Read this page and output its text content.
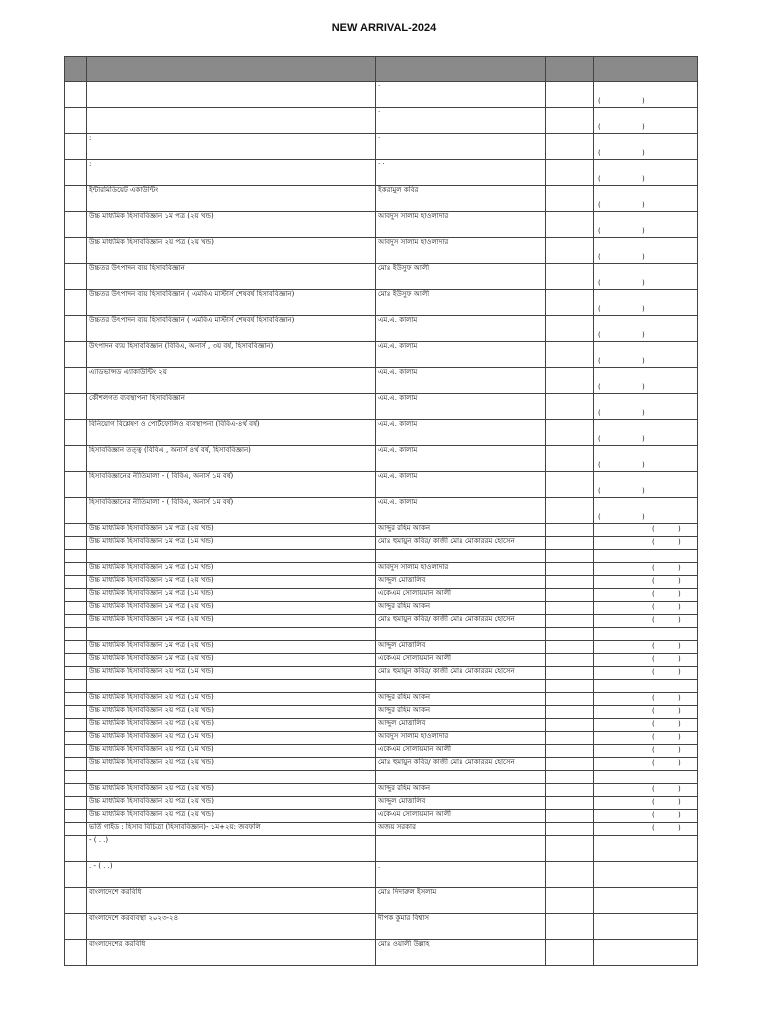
NEW ARRIVAL-2024

		·		( )

		·		( )

	:	·		( )

	:	· ·		( )

	ইন্টারমিডিয়েট একাউন্টিং	ইকরামুল কবির		( )

	উচ্চ মাধ্যমিক হিসাববিজ্ঞান ১ম পত্র (২য় খন্ড)	আবদুস সালাম হাওলাদার		( )

	উচ্চ মাধ্যমিক হিসাববিজ্ঞান ২য় পত্র (২য় খন্ড)	আবদুস সালাম হাওলাদার		( )

	উচ্চতর উৎপাদন ব্যয় হিসাববিজ্ঞান	মোঃ ইউসুফ আলী		( )

	উচ্চতর উৎপাদন ব্যয় হিসাববিজ্ঞান ( এমবিএ মাস্টার্স শেষবর্ষ হিসাববিজ্ঞান)	মোঃ ইউসুফ আলী		( )

	উচ্চতর উৎপাদন ব্যয় হিসাববিজ্ঞান ( এমবিএ মাস্টার্স শেষবর্ষ হিসাববিজ্ঞান)	এম.এ. কালাম		( )

	উৎপাদন ব্যয় হিসাববিজ্ঞান (বিবিএ, অনার্স , ৩য় বর্ষ, হিসাববিজ্ঞান)	এম.এ. কালাম		( )

	এ্যাডভান্সড এ্যাকাউন্টিং ২য়	এম.এ. কালাম		( )

	কৌশলগত ব্যবস্থাপনা হিসাববিজ্ঞান	এম.এ. কালাম		( )

	বিনিয়োগ বিশ্লেষণ ও পোর্টফোলিও ব্যবস্থাপনা (বিবিএ-৪র্থ বর্ষ)	এম.এ. কালাম		( )

	হিসাববিজ্ঞান তত্ত্ব (বিবিএ , অনার্স ৪র্থ বর্ষ, হিসাববিজ্ঞান)	এম.এ. কালাম		( )

	হিসাববিজ্ঞানের নীতিমালা - ( বিবিএ, অনার্স ১ম বর্ষ)	এম.এ. কালাম		( )

	হিসাববিজ্ঞানের নীতিমালা - ( বিবিএ, অনার্স ১ম বর্ষ)	এম.এ. কালাম		( )

	উচ্চ মাধ্যমিক হিসাববিজ্ঞান ১ম পত্র (২য় খন্ড)	আব্দুর রহিম আকন		( )

	উচ্চ মাধ্যমিক হিসাববিজ্ঞান ১ম পত্র (১ম খন্ড)	মোঃ হুমায়ুন কবির/ কাজী মোঃ মোকাররম হোসেন		( )

	উচ্চ মাধ্যমিক হিসাববিজ্ঞান ১ম পত্র (১ম খন্ড)	আবদুস সালাম হাওলাদার		( )

	উচ্চ মাধ্যমিক হিসাববিজ্ঞান ১ম পত্র (২য় খন্ড)	আব্দুল মোত্তালিব		( )

	উচ্চ মাধ্যমিক হিসাববিজ্ঞান ১ম পত্র (১ম খন্ড)	একেএম সোলায়মান আলী		( )

	উচ্চ মাধ্যমিক হিসাববিজ্ঞান ১ম পত্র (২য় খন্ড)	আব্দুর রহিম আকন		( )

	উচ্চ মাধ্যমিক হিসাববিজ্ঞান ১ম পত্র (২য় খন্ড)	মোঃ হুমায়ুন কবির/ কাজী মোঃ মোকাররম হোসেন		( )

	উচ্চ মাধ্যমিক হিসাববিজ্ঞান ১ম পত্র (২য় খন্ড)	আব্দুল মোত্তালিব		( )

	উচ্চ মাধ্যমিক হিসাববিজ্ঞান ১ম পত্র (২য় খন্ড)	একেএম সোলায়মান আলী		( )

	উচ্চ মাধ্যমিক হিসাববিজ্ঞান ২য় পত্র (১ম খন্ড)	মোঃ হুমায়ুন কবির/ কাজী মোঃ মোকাররম হোসেন		( )

	উচ্চ মাধ্যমিক হিসাববিজ্ঞান ২য় পত্র (১ম খন্ড)	আব্দুর রহিম আকন		( )

	উচ্চ মাধ্যমিক হিসাববিজ্ঞান ২য় পত্র (২য় খন্ড)	আব্দুর রহিম আকন		( )

	উচ্চ মাধ্যমিক হিসাববিজ্ঞান ২য় পত্র (২য় খন্ড)	আব্দুল মোত্তালিব		( )

	উচ্চ মাধ্যমিক হিসাববিজ্ঞান ২য় পত্র (১ম খন্ড)	আবদুস সালাম হাওলাদার		( )

	উচ্চ মাধ্যমিক হিসাববিজ্ঞান ২য় পত্র (১ম খন্ড)	একেএম সোলায়মান আলী		( )

	উচ্চ মাধ্যমিক হিসাববিজ্ঞান ২য় পত্র (২য় খন্ড)	মোঃ হুমায়ুন কবির/ কাজী মোঃ মোকাররম হোসেন		( )

	উচ্চ মাধ্যমিক হিসাববিজ্ঞান ২য় পত্র (২য় খন্ড)	আব্দুর রহিম আকন		( )

	উচ্চ মাধ্যমিক হিসাববিজ্ঞান ২য় পত্র (২য় খন্ড)	আব্দুল মোত্তালিব		( )

	উচ্চ মাধ্যমিক হিসাববিজ্ঞান ২য় পত্র (২য় খন্ড)	একেএম সোলায়মান আলী		( )

	ভর্তি গাইড : হিসাব বিচিত্রা (হিসাববিজ্ঞান)- ১ম+২য়: জবফলি	অজয় সরকার		( )

	- ( . .)			
	. - ( . .)	.		
	বাংলাদেশে করবিধি	মোঃ দিদারুল ইসলাম		
	বাংলাদেশে করব্যবস্থা ২০২৩-২৪	দীপক কুমার বিশ্বাস		
	বাংলাদেশের করবিধি	মোঃ ওয়ালী উল্লাহ		
